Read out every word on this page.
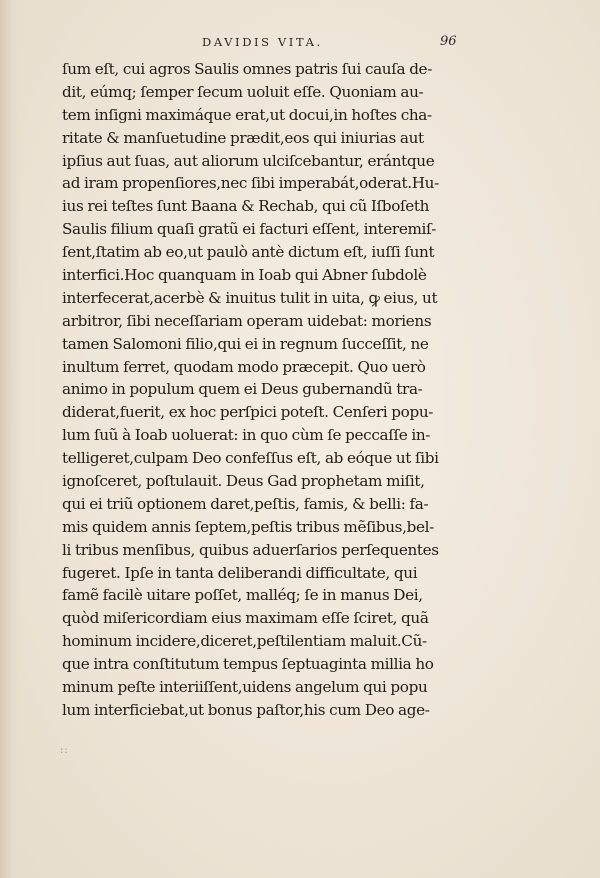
DAVIDIS VITA.	96
ſum eſt, cui agros Saulis omnes patris ſui cauſa de-
dit, eúmq; ſemper ſecum uoluit eſſe. Quoniam au-
tem inſigni maximáque erat,ut docui,in hoſtes cha-
ritate & manſuetudine prædit,eos qui iniurias aut
ipſius aut ſuas, aut aliorum ulciſcebantur, erántque
ad iram propenſiores,nec ſibi imperabát,oderat.Hu-
ius rei teſtes ſunt Baana & Rechab, qui cũ Iſboſeth
Saulis filium quaſi gratũ ei facturi eſſent, interemiſ-
ſent,ſtatim ab eo,ut paulò antè dictum eſt, iuſſi ſunt
interfici.Hoc quanquam in Ioab qui Abner ſubdolè
interfecerat,acerbè & inuitus tulit in uita, ꝙ eius, ut
arbitror, ſibi neceſſariam operam uidebat: moriens
tamen Salomoni filio,qui ei in regnum ſucceſſit, ne
inultum ferret, quodam modo præcepit. Quo uerò
animo in populum quem ei Deus gubernandũ tra-
diderat,fuerit, ex hoc perſpici poteſt. Cenſeri popu-
lum ſuũ à Ioab uoluerat: in quo cùm ſe peccaſſe in-
telligeret,culpam Deo confeſſus eſt, ab eóque ut ſibi
ignoſceret, poſtulauit. Deus Gad prophetam miſit,
qui ei triũ optionem daret,peſtis, famis, & belli: fa-
mis quidem annis ſeptem,peſtis tribus mẽſibus,bel-
li tribus menſibus, quibus aduerſarios perſequentes
fugeret. Ipſe in tanta deliberandi difficultate, qui
famẽ facilè uitare poſſet, malléq; ſe in manus Dei,
quòd miſericordiam eius maximam eſſe ſciret, quã
hominum incidere,diceret,peſtilentiam maluit.Cũ-
que intra conſtitutum tempus ſeptuaginta millia ho
minum peſte interiiſſent,uidens angelum qui popu
lum interficiebat,ut bonus paſtor,his cum Deo age-
::
